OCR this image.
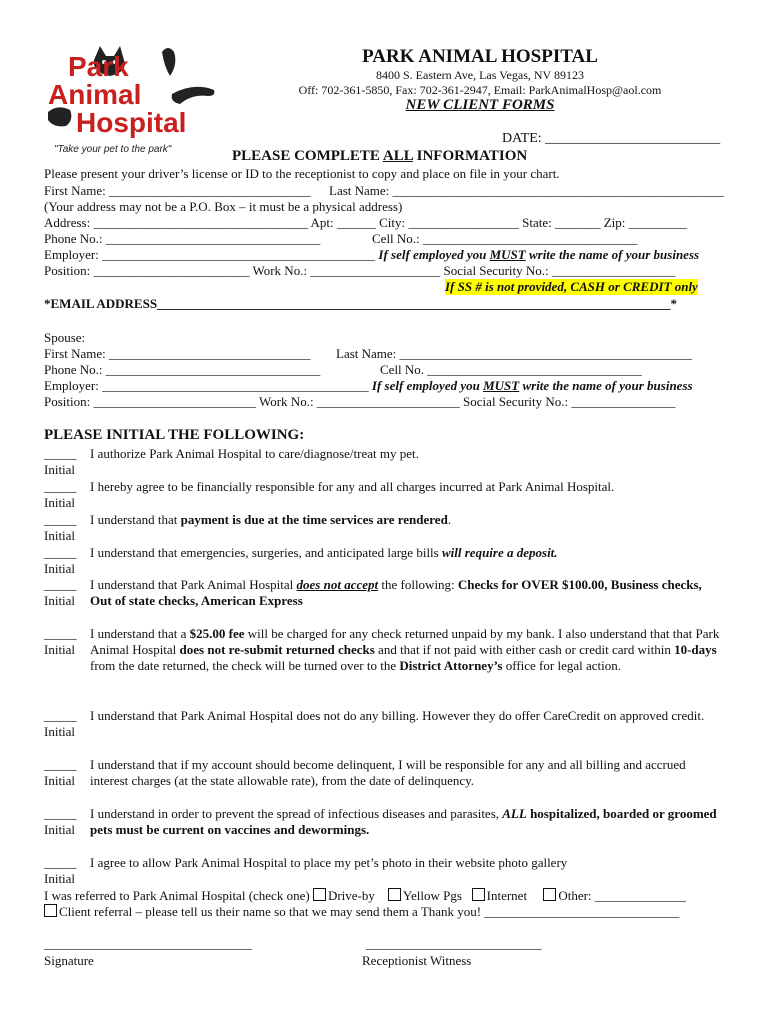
Park
Animal
Hospital
"Take your pet to the park"
PARK ANIMAL HOSPITAL
8400 S. Eastern Ave, Las Vegas, NV 89123
Off: 702-361-5850, Fax: 702-361-2947, Email: ParkAnimalHosp@aol.com
NEW CLIENT FORMS
DATE: _________________________
PLEASE COMPLETE ALL INFORMATION
Please present your driver’s license or ID to the receptionist to copy and place on file in your chart.
First Name: _______________________________ Last Name: ___________________________________________________
(Your address may not be a P.O. Box – it must be a physical address)
Address: _________________________________ Apt: ______ City: _________________ State: _______ Zip: _________
Phone No.: _________________________________	Cell No.: _________________________________
Employer: __________________________________________ If self employed you MUST write the name of your business
Position: ________________________ Work No.: ____________________ Social Security No.: ___________________
If SS # is not provided, CASH or CREDIT only
*EMAIL ADDRESS_______________________________________________________________________________*
Spouse:
First Name: _______________________________ Last Name: _____________________________________________
Phone No.: _________________________________	Cell No. _________________________________
Employer: _________________________________________ If self employed you MUST write the name of your business
Position: _________________________ Work No.: ______________________ Social Security No.: ________________
PLEASE INITIAL THE FOLLOWING:
_____
Initial
I authorize Park Animal Hospital to care/diagnose/treat my pet.
_____
Initial
I hereby agree to be financially responsible for any and all charges incurred at Park Animal Hospital.
_____
Initial
I understand that payment is due at the time services are rendered.
_____
Initial
I understand that emergencies, surgeries, and anticipated large bills will require a deposit.
_____
Initial
I understand that Park Animal Hospital does not accept the following: Checks for OVER $100.00, Business checks, Out of state checks, American Express
_____
Initial
I understand that a $25.00 fee will be charged for any check returned unpaid by my bank. I also understand that that Park Animal Hospital does not re-submit returned checks and that if not paid with either cash or credit card within 10-days from the date returned, the check will be turned over to the District Attorney’s office for legal action.
_____
Initial
I understand that Park Animal Hospital does not do any billing. However they do offer CareCredit on approved credit.
_____
Initial
I understand that if my account should become delinquent, I will be responsible for any and all billing and accrued interest charges (at the state allowable rate), from the date of delinquency.
_____
Initial
I understand in order to prevent the spread of infectious diseases and parasites, ALL hospitalized, boarded or groomed pets must be current on vaccines and dewormings.
_____
Initial
I agree to allow Park Animal Hospital to place my pet’s photo in their website photo gallery
I was referred to Park Animal Hospital (check one) Drive-by Yellow Pgs Internet Other: ______________
Client referral – please tell us their name so that we may send them a Thank you! ______________________________
________________________________	___________________________
Signature	Receptionist Witness
